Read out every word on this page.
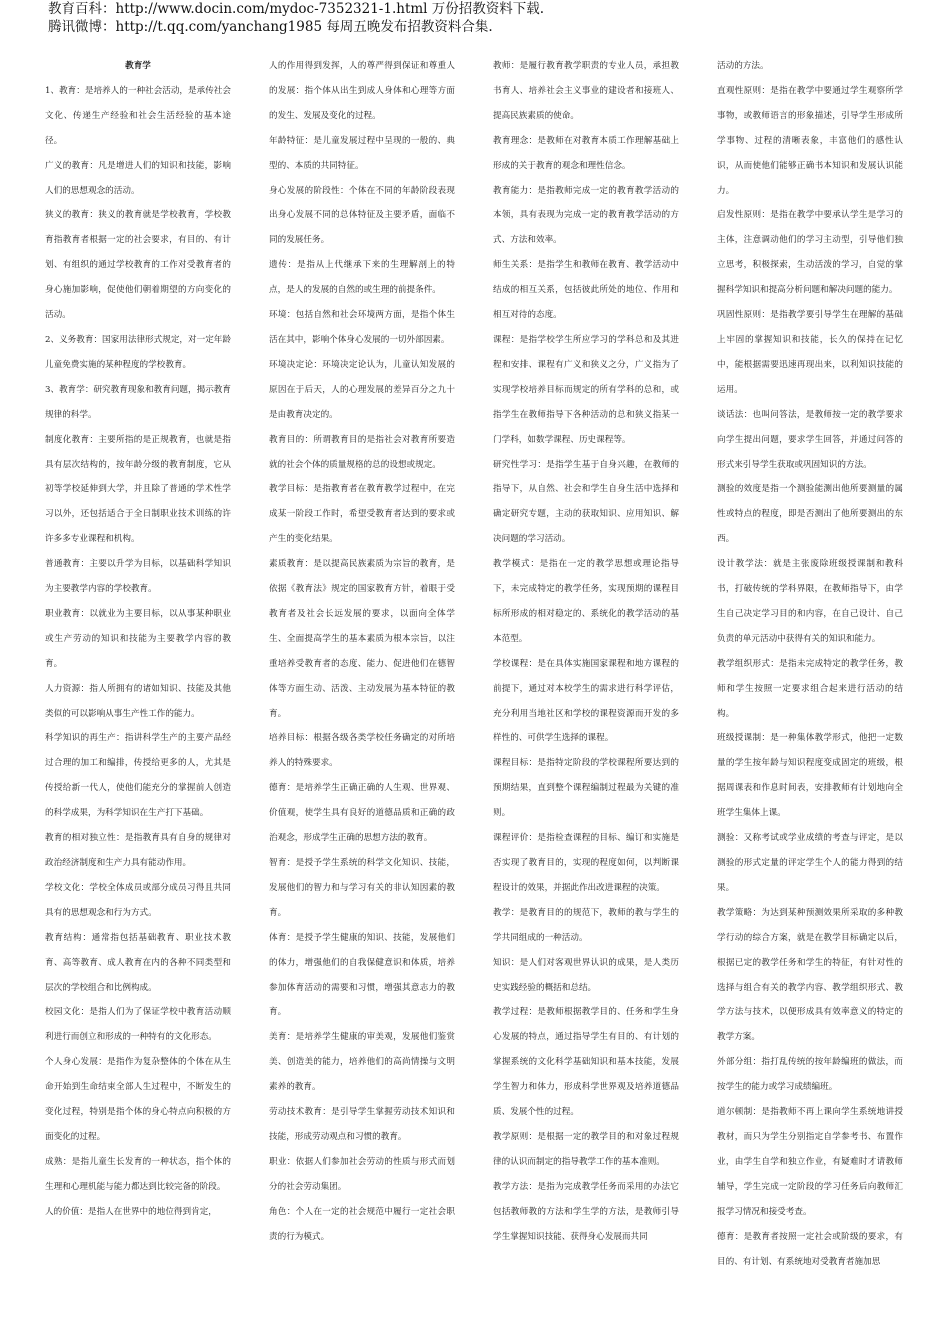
教育百科：http://www.docin.com/mydoc-7352321-1.html 万份招教资料下载.
腾讯微博：http://t.qq.com/yanchang1985 每周五晚发布招教资料合集.
教育学

1、教育：是培养人的一种社会活动，是承传社会文化、传递生产经验和社会生活经验的基本途径。

广义的教育：凡是增进人们的知识和技能，影响人们的思想观念的活动。

狭义的教育：狭义的教育就是学校教育，学校教育指教育者根据一定的社会要求，有目的、有计划、有组织的通过学校教育的工作对受教育者的身心施加影响，促使他们朝着期望的方向变化的活动。

2、义务教育：国家用法律形式规定，对一定年龄儿童免费实施的某种程度的学校教育。

3、教育学：研究教育现象和教育问题，揭示教育规律的科学。

制度化教育：主要所指的是正规教育，也就是指具有层次结构的，按年龄分级的教育制度，它从初等学校延伸到大学，并且除了普通的学术性学习以外，还包括适合于全日制职业技术训练的许许多多专业课程和机构。

普通教育：主要以升学为目标，以基础科学知识为主要教学内容的学校教育。

职业教育：以就业为主要目标，以从事某种职业或生产劳动的知识和技能为主要教学内容的教育。

人力资源：指人所拥有的诸如知识、技能及其他类似的可以影响从事生产性工作的能力。

科学知识的再生产：指讲科学生产的主要产品经过合理的加工和编排，传授给更多的人，尤其是传授给新一代人，使他们能充分的掌握前人创造的科学成果，为科学知识在生产打下基础。

教育的相对独立性：是指教育具有自身的规律对政治经济制度和生产力具有能动作用。

学校文化：学校全体成员或部分成员习得且共同具有的思想观念和行为方式。

教育结构：通常指包括基础教育、职业技术教育、高等教育、成人教育在内的各种不同类型和层次的学校组合和比例构成。

校园文化：是指人们为了保证学校中教育活动顺利进行而创立和形成的一种特有的文化形态。

个人身心发展：是指作为复杂整体的个体在从生命开始到生命结束全部人生过程中，不断发生的变化过程，特别是指个体的身心特点向积极的方面变化的过程。

成熟：是指儿童生长发育的一种状态，指个体的生理和心理机能与能力都达到比较完备的阶段。

人的价值：是指人在世界中的地位得到肯定，

人的作用得到发挥，人的尊严得到保证和尊重人的发展：指个体从出生到成人身体和心理等方面的发生、发展及变化的过程。

年龄特征：是儿童发展过程中呈现的一般的、典型的、本质的共同特征。

身心发展的阶段性：个体在不同的年龄阶段表现出身心发展不同的总体特征及主要矛盾，面临不同的发展任务。

遗传：是指从上代继承下来的生理解剖上的特点，是人的发展的自然的或生理的前提条件。

环境：包括自然和社会环境两方面，是指个体生活在其中，影响个体身心发展的一切外部因素。

环境决定论：环境决定论认为，儿童认知发展的原因在于后天，人的心理发展的差异百分之九十是由教育决定的。

教育目的：所谓教育目的是指社会对教育所要造就的社会个体的质量规格的总的设想或规定。

教学目标：是指教育者在教育教学过程中，在完成某一阶段工作时，希望受教育者达到的要求或产生的变化结果。

素质教育：是以提高民族素质为宗旨的教育，是依据《教育法》规定的国家教育方针，着眼于受教育者及社会长远发展的要求，以面向全体学生、全面提高学生的基本素质为根本宗旨，以注重培养受教育者的态度、能力、促进他们在德智体等方面生动、活泼、主动发展为基本特征的教育。

培养目标：根据各级各类学校任务确定的对所培养人的特殊要求。

德育：是培养学生正确正确的人生观、世界观、价值观，使学生具有良好的道德品质和正确的政治观念，形成学生正确的思想方法的教育。

智育：是授予学生系统的科学文化知识、技能，发展他们的智力和与学习有关的非认知因素的教育。

体育：是授予学生健康的知识、技能，发展他们的体力，增强他们的自我保健意识和体质，培养参加体育活动的需要和习惯，增强其意志力的教育。

美育：是培养学生健康的审美观，发展他们鉴赏美、创造美的能力，培养他们的高尚情操与文明素养的教育。

劳动技术教育：是引导学生掌握劳动技术知识和技能，形成劳动观点和习惯的教育。

职业：依据人们参加社会劳动的性质与形式而划分的社会劳动集团。

角色：个人在一定的社会规范中履行一定社会职责的行为模式。

教师：是履行教育教学职责的专业人员，承担教书育人、培养社会主义事业的建设者和接班人、提高民族素质的使命。

教育理念：是教师在对教育本质工作理解基础上形成的关于教育的观念和理性信念。

教育能力：是指教师完成一定的教育教学活动的本领，具有表现为完成一定的教育教学活动的方式、方法和效率。

师生关系：是指学生和教师在教育、教学活动中结成的相互关系，包括彼此所处的地位、作用和相互对待的态度。

课程：是指学校学生所应学习的学科总和及其进程和安排、课程有广义和狭义之分，广义指为了实现学校培养目标而规定的所有学科的总和，或指学生在教师指导下各种活动的总和狭义指某一门学科，如数学课程、历史课程等。

研究性学习：是指学生基于自身兴趣，在教师的指导下，从自然、社会和学生自身生活中选择和确定研究专题，主动的获取知识、应用知识、解决问题的学习活动。

教学模式：是指在一定的教学思想或理论指导下，未完成特定的教学任务，实现预期的课程目标所形成的相对稳定的、系统化的教学活动的基本范型。

学校课程：是在具体实施国家课程和地方课程的前提下，通过对本校学生的需求进行科学评估，充分利用当地社区和学校的课程资源而开发的多样性的、可供学生选择的课程。

课程目标：是指特定阶段的学校课程所要达到的预期结果，直到整个课程编制过程最为关键的准则。

课程评价：是指检查课程的目标、编订和实施是否实现了教育目的，实现的程度如何，以判断课程设计的效果，并据此作出改进课程的决策。

教学：是教育目的的规范下，教师的教与学生的学共同组成的一种活动。

知识：是人们对客观世界认识的成果，是人类历史实践经验的概括和总结。

教学过程：是教师根据教学目的、任务和学生身心发展的特点，通过指导学生有目的、有计划的掌握系统的文化科学基础知识和基本技能，发展学生智力和体力，形成科学世界观及培养道德品质、发展个性的过程。

教学原则：是根据一定的教学目的和对象过程规律的认识而制定的指导教学工作的基本准则。

教学方法：是指为完成教学任务而采用的办法它包括教师教的方法和学生学的方法，是教师引导学生掌握知识技能、获得身心发展而共同

活动的方法。

直观性原则：是指在教学中要通过学生观察所学事物，或教师语言的形象描述，引导学生形成所学事物、过程的清晰表象，丰富他们的感性认识，从而使他们能够正确书本知识和发展认识能力。

启发性原则：是指在教学中要承认学生是学习的主体，注意调动他们的学习主动型，引导他们独立思考，积极探索，生动活泼的学习，自觉的掌握科学知识和提高分析问题和解决问题的能力。

巩固性原则：是指教学要引导学生在理解的基础上牢固的掌握知识和技能，长久的保持在记忆中，能根据需要迅速再现出来，以利知识技能的运用。

谈话法：也叫问答法，是教师按一定的教学要求向学生提出问题，要求学生回答，并通过问答的形式来引导学生获取或巩固知识的方法。

测验的效度是指一个测验能测出他所要测量的属性或特点的程度，即是否测出了他所要测出的东西。

设计教学法：就是主张废除班级授课制和教科书，打破传统的学科界限，在教师指导下，由学生自己决定学习目的和内容，在自己设计、自己负责的单元活动中获得有关的知识和能力。

教学组织形式：是指未完成特定的教学任务，教师和学生按照一定要求组合起来进行活动的结构。

班级授课制：是一种集体教学形式，他把一定数量的学生按年龄与知识程度变成固定的班级，根据周课表和作息时间表，安排教师有计划地向全班学生集体上课。

测验：又称考试或学业成绩的考查与评定，是以测验的形式定量的评定学生个人的能力得到的结果。

教学策略：为达到某种预测效果所采取的多种教学行动的综合方案，就是在教学目标确定以后，根据已定的教学任务和学生的特征，有针对性的选择与组合有关的教学内容、教学组织形式、教学方法与技术，以便形成具有效率意义的特定的教学方案。

外部分组：指打乱传统的按年龄编班的做法，而按学生的能力或学习成绩编班。

道尔顿制：是指教师不再上课向学生系统地讲授教材，而只为学生分别指定自学参考书、布置作业，由学生自学和独立作业，有疑难时才请教师辅导，学生完成一定阶段的学习任务后向教师汇报学习情况和接受考查。

德育：是教育者按照一定社会或阶级的要求，有目的、有计划、有系统地对受教育者施加思
